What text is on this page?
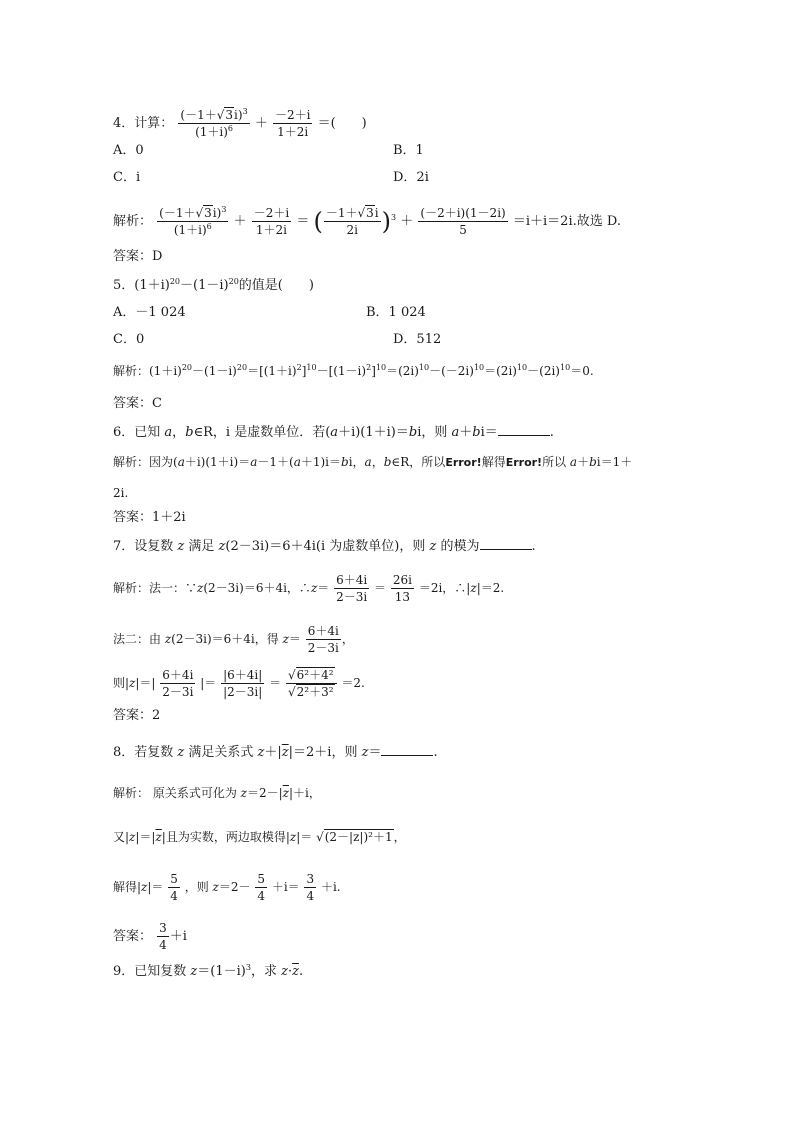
4．计算： $\frac{(-1+√3i)^3}{(1+i)^6} + \frac{-2+i}{1+2i}$ ＝(　　)
A．0	B．1
C．i	D．2i
解析： $\frac{(-1+√3i)^3}{(1+i)^6} + \frac{-2+i}{1+2i}$ ＝ ( $\frac{-1+√3i}{2i} )^3 + \frac{(-2+i)(1-2i)}{5} =i+i=2i$.故选 D.
答案：D
5．$(1+i)^{20}-(1-i)^{20}$的值是(　　)
A．－1 024	B．1 024
C．0	D．512
解析：$(1+i)^{20}-(1-i)^{20}=[(1+i)^2]^{10}-[(1-i)^2]^{10}=(2i)^{10}-(-2i)^{10}=(2i)^{10}-(2i)^{10}=0$.
答案：C
6．已知 a，b∈R，i 是虚数单位．若(a＋i)(1＋i)＝bi，则 a＋bi＝	.
解析：因为(a＋i)(1＋i)＝a－1＋(a＋1)i＝bi，a，b∈R，所以Error!解得Error!所以 a＋bi＝1＋
2i.
答案：1＋2i
7．设复数 z 满足 z(2－3i)＝6＋4i(i 为虚数单位)，则 z 的模为	.
解析：法一：∵z(2－3i)＝6＋4i，∴z＝ $\frac{6+4i}{2-3i} = \frac{26i}{13} =2i$，∴|z|＝2.
法二：由 z(2－3i)＝6＋4i，得 $z= \frac{6+4i}{2-3i}$ ，
则$|z|=| \frac{6+4i}{2-3i}$ |＝ $\frac{|6+4i|}{|2-3i|} = \frac{\text{√6²＋4²}}{\text{√2²＋3²}} =2$.
答案：2
8．若复数 z 满足关系式 $z+|\overline{z}|=2+i$，则 z＝	.
解析： 原关系式可化为 $z=2-|\overline{z}|+i$，
又$|z|=|\overline{z}|$且为实数，两边取模得|z|＝ √(2－|z|)²＋1，
解得$|z|= \frac{5}{4}$ ，则 $z=2- \frac{5}{4} +i= \frac{3}{4} +i$.
答案： $\frac{3}{4} +i$
9．已知复数 $z=(1-i)^3$，求 $z\cdot\overline{z}$.
